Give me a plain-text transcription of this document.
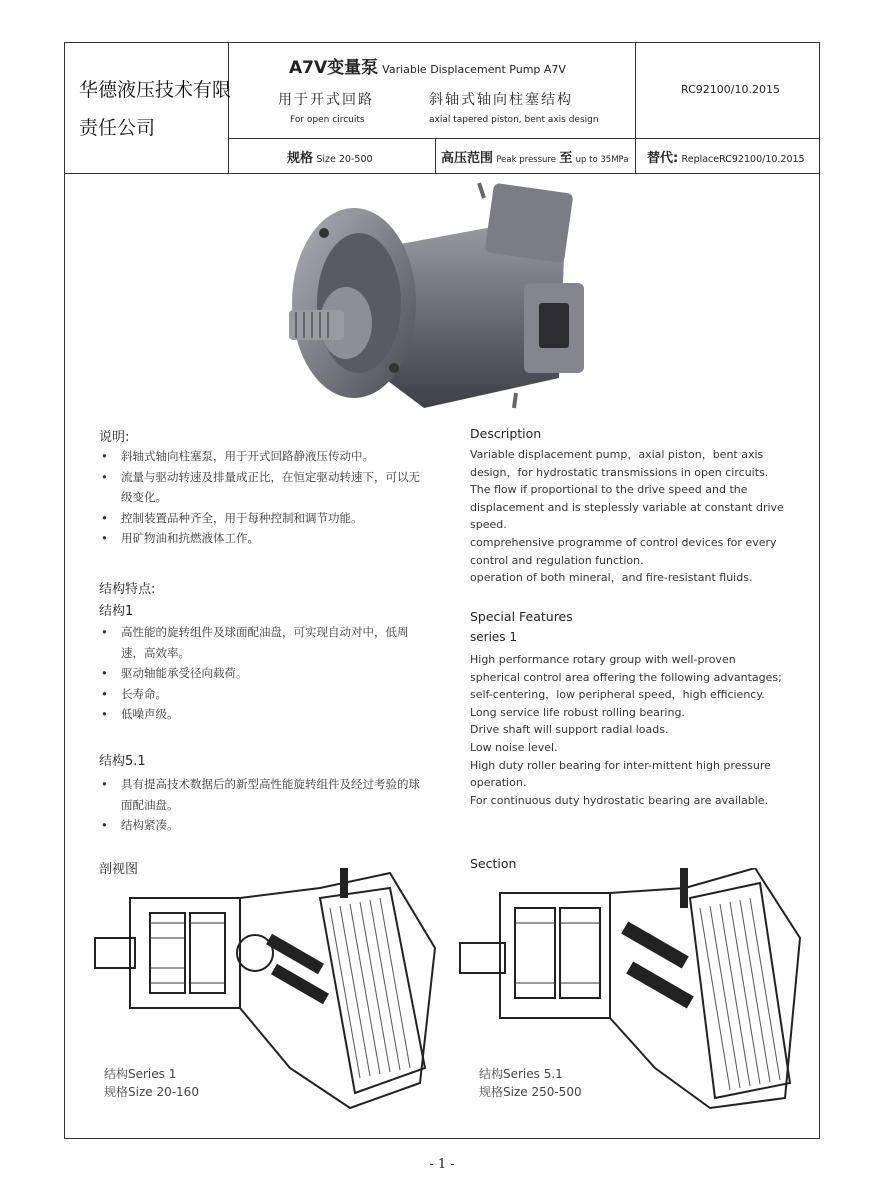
华德液压技术有限
责任公司
A7V变量泵 Variable Displacement Pump A7V
用于开式回路
For open circuits
斜轴式轴向柱塞结构
axial tapered piston, bent axis design
RC92100/10.2015
规格 Size 20-500	高压范围 Peak pressure 至 up to 35MPa 替代: ReplaceRC92100/10.2015
说明:
• 斜轴式轴向柱塞泵，用于开式回路静液压传动中。
• 流量与驱动转速及排量成正比，在恒定驱动转速下，可以无级变化。
• 控制装置品种齐全，用于每种控制和调节功能。
• 用矿物油和抗燃液体工作。
结构特点:
结构1
• 高性能的旋转组件及球面配油盘，可实现自动对中，低周速，高效率。
• 驱动轴能承受径向载荷。
• 长寿命。
• 低噪声级。
结构5.1
• 具有提高技术数据后的新型高性能旋转组件及经过考验的球面配油盘。
• 结构紧凑。
剖视图
Description
Variable displacement pump，axial piston，bent axis design，for hydrostatic transmissions in open circuits.
The flow if proportional to the drive speed and the displacement and is steplessly variable at constant drive speed.
comprehensive programme of control devices for every control and regulation function.
operation of both mineral，and fire-resistant fluids.
Special Features
series 1
High performance rotary group with well-proven spherical control area offering the following advantages; self-centering，low peripheral speed，high efficiency.
Long service life robust rolling bearing.
Drive shaft will support radial loads.
Low noise level.
High duty roller bearing for inter-mittent high pressure operation.
For continuous duty hydrostatic bearing are available.
Section
结构Series 1
规格Size 20-160
结构Series 5.1
规格Size 250-500
- 1 -
